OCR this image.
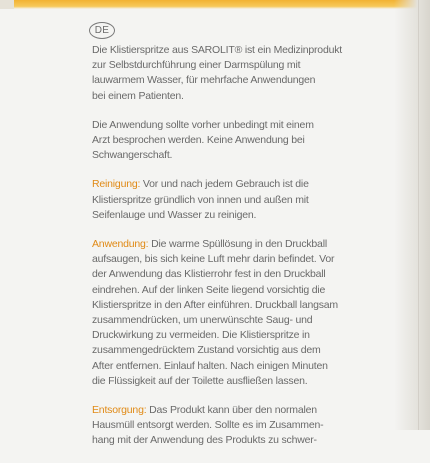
DE
Die Klistierspritze aus SAROLIT® ist ein Medizinprodukt
zur Selbstdurchführung einer Darmspülung mit
lauwarmem Wasser, für mehrfache Anwendungen
bei einem Patienten.
Die Anwendung sollte vorher unbedingt mit einem
Arzt besprochen werden. Keine Anwendung bei
Schwangerschaft.
Reinigung: Vor und nach jedem Gebrauch ist die
Klistierspritze gründlich von innen und außen mit
Seifenlauge und Wasser zu reinigen.
Anwendung: Die warme Spüllösung in den Druckball
aufsaugen, bis sich keine Luft mehr darin befindet. Vor
der Anwendung das Klistierrohr fest in den Druckball
eindrehen. Auf der linken Seite liegend vorsichtig die
Klistierspritze in den After einführen. Druckball langsam
zusammendrücken, um unerwünschte Saug- und
Druckwirkung zu vermeiden. Die Klistierspritze in
zusammengedrücktem Zustand vorsichtig aus dem
After entfernen. Einlauf halten. Nach einigen Minuten
die Flüssigkeit auf der Toilette ausfließen lassen.
Entsorgung: Das Produkt kann über den normalen
Hausmüll entsorgt werden. Sollte es im Zusammen-
hang mit der Anwendung des Produkts zu schwer-
